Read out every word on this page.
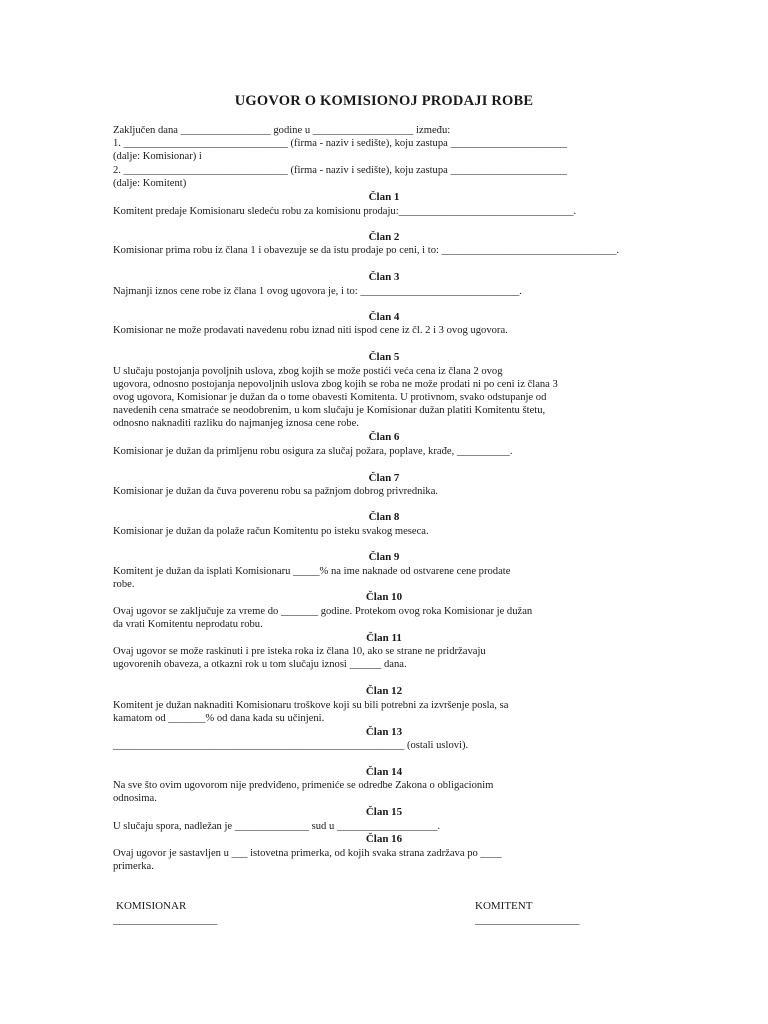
UGOVOR O KOMISIONOJ PRODAJI ROBE
Zaključen dana _________________ godine u ___________________ između:
1. _______________________________ (firma - naziv i sedište), koju zastupa ______________________
(dalje: Komisionar) i
2. _______________________________ (firma - naziv i sedište), koju zastupa ______________________
(dalje: Komitent)
Član 1
Komitent predaje Komisionaru sledeću robu za komisionu prodaju:_________________________________.
Član 2
Komisionar prima robu iz člana 1 i obavezuje se da istu prodaje po ceni, i to: _________________________________.
Član 3
Najmanji iznos cene robe iz člana 1 ovog ugovora je, i to: ______________________________.
Član 4
Komisionar ne može prodavati navedenu robu iznad niti ispod cene iz čl. 2 i 3 ovog ugovora.
Član 5
U slučaju postojanja povoljnih uslova, zbog kojih se može postići veća cena iz člana 2 ovog
ugovora, odnosno postojanja nepovoljnih uslova zbog kojih se roba ne može prodati ni po ceni iz člana 3
ovog ugovora, Komisionar je dužan da o tome obavesti Komitenta. U protivnom, svako odstupanje od
navedenih cena smatraće se neodobrenim, u kom slučaju je Komisionar dužan platiti Komitentu štetu,
odnosno naknaditi razliku do najmanjeg iznosa cene robe.
Član 6
Komisionar je dužan da primljenu robu osigura za slučaj požara, poplave, krađe, __________.
Član 7
Komisionar je dužan da čuva poverenu robu sa pažnjom dobrog privrednika.
Član 8
Komisionar je dužan da polaže račun Komitentu po isteku svakog meseca.
Član 9
Komitent je dužan da isplati Komisionaru _____% na ime naknade od ostvarene cene prodate
robe.
Član 10
Ovaj ugovor se zaključuje za vreme do _______ godine. Protekom ovog roka Komisionar je dužan
da vrati Komitentu neprodatu robu.
Član 11
Ovaj ugovor se može raskinuti i pre isteka roka iz člana 10, ako se strane ne pridržavaju
ugovorenih obaveza, a otkazni rok u tom slučaju iznosi ______ dana.
Član 12
Komitent je dužan naknaditi Komisionaru troškove koji su bili potrebni za izvršenje posla, sa
kamatom od _______% od dana kada su učinjeni.
Član 13
_______________________________________________________ (ostali uslovi).
Član 14
Na sve što ovim ugovorom nije predviđeno, primeniće se odredbe Zakona o obligacionim
odnosima.
Član 15
U slučaju spora, nadležan je ______________ sud u ___________________.
Član 16
Ovaj ugovor je sastavljen u ___ istovetna primerka, od kojih svaka strana zadržava po ____
primerka.
KOMISIONAR
___________________
KOMITENT
___________________
